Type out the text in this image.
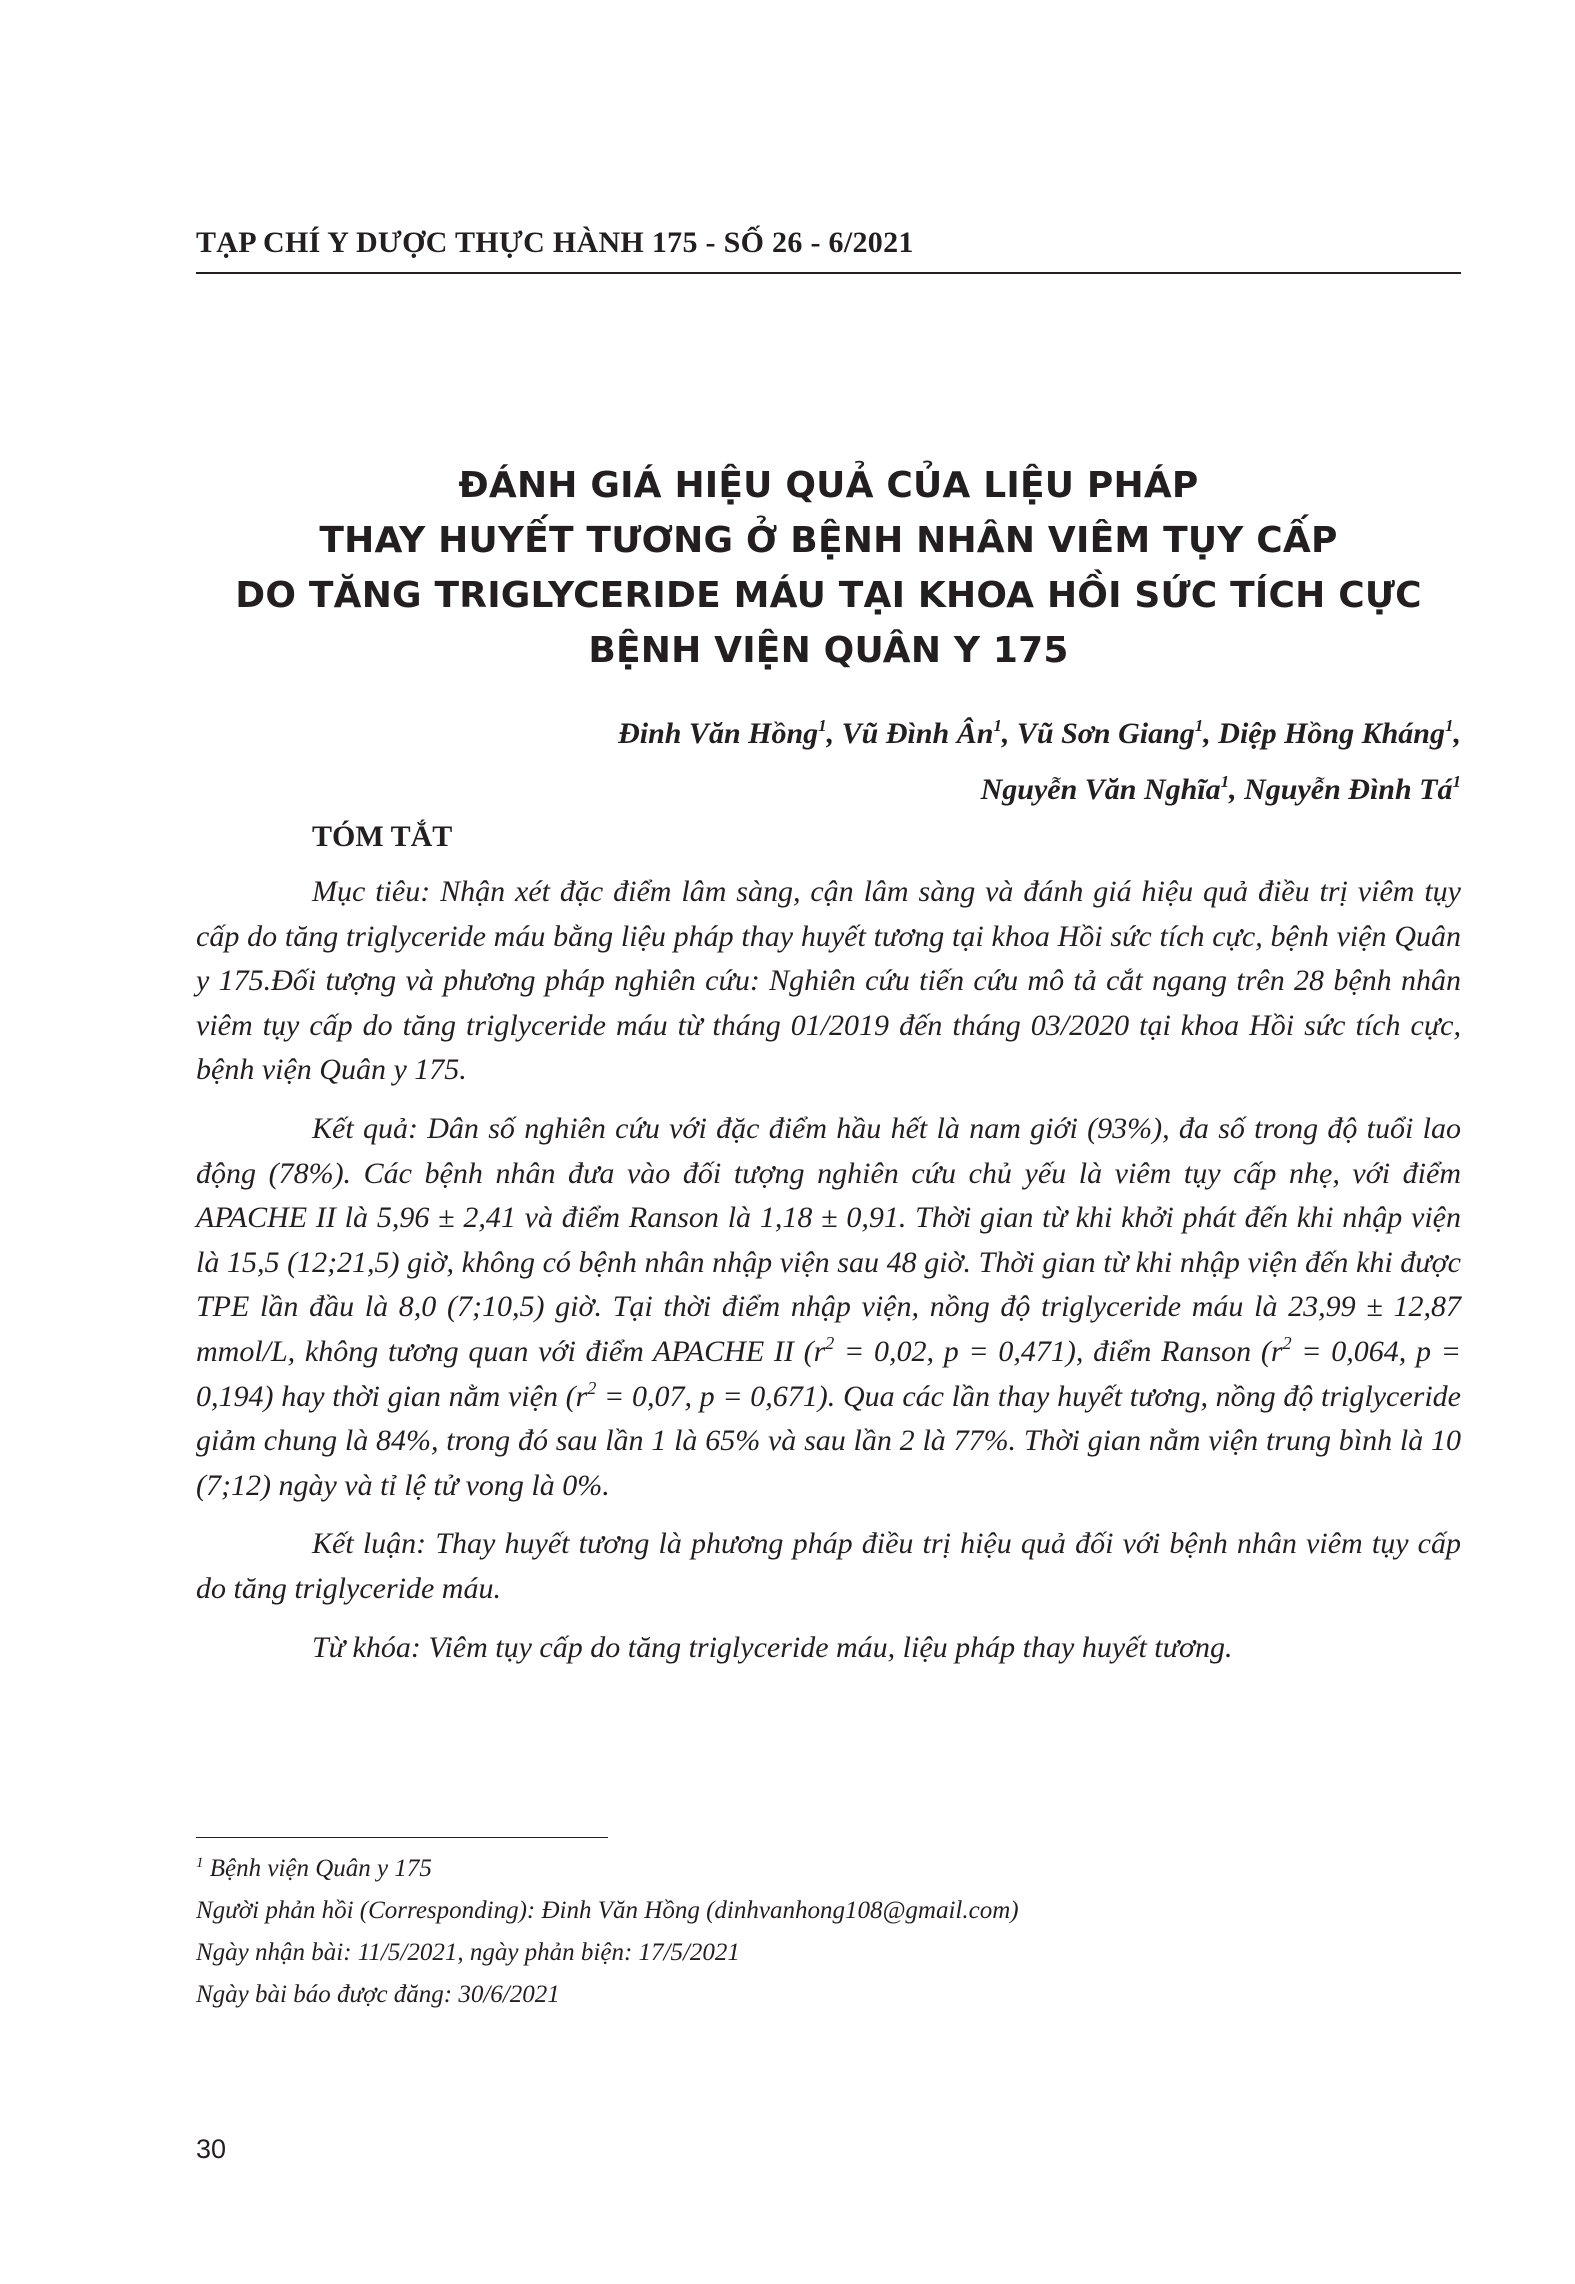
TẠP CHÍ Y DƯỢC THỰC HÀNH 175 - SỐ 26 - 6/2021
ĐÁNH GIÁ HIỆU QUẢ CỦA LIỆU PHÁP
THAY HUYẾT TƯƠNG Ở BỆNH NHÂN VIÊM TỤY CẤP
DO TĂNG TRIGLYCERIDE MÁU TẠI KHOA HỒI SỨC TÍCH CỰC
BỆNH VIỆN QUÂN Y 175
Đinh Văn Hồng$^1$, Vũ Đình $Ân^1$, Vũ Sơn Giang$^1$, Diệp Hồng Kháng$^1$,
Nguyễn Văn Nghĩa$^1$, Nguyễn Đình $Tá^1$
TÓM TẮT

Mục tiêu: Nhận xét đặc điểm lâm sàng, cận lâm sàng và đánh giá hiệu quả điều trị viêm tụy cấp do tăng triglyceride máu bằng liệu pháp thay huyết tương tại khoa Hồi sức tích cực, bệnh viện Quân y 175.Đối tượng và phương pháp nghiên cứu: Nghiên cứu tiến cứu mô tả cắt ngang trên 28 bệnh nhân viêm tụy cấp do tăng triglyceride máu từ tháng 01/2019 đến tháng 03/2020 tại khoa Hồi sức tích cực, bệnh viện Quân y 175.

Kết quả: Dân số nghiên cứu với đặc điểm hầu hết là nam giới (93%), đa số trong độ tuổi lao động (78%). Các bệnh nhân đưa vào đối tượng nghiên cứu chủ yếu là viêm tụy cấp nhẹ, với điểm APACHE II là 5,96 ± 2,41 và điểm Ranson là 1,18 ± 0,91. Thời gian từ khi khởi phát đến khi nhập viện là 15,5 (12;21,5) giờ, không có bệnh nhân nhập viện sau 48 giờ. Thời gian từ khi nhập viện đến khi được TPE lần đầu là 8,0 (7;10,5) giờ. Tại thời điểm nhập viện, nồng độ triglyceride máu là 23,99 ± 12,87 mmol/L, không tương quan với điểm APACHE II ($r^2 = 0,02$, p = 0,471), điểm Ranson ($r^2 = 0,064$, p = 0,194) hay thời gian nằm viện ($r^2 = 0,07$, p = 0,671). Qua các lần thay huyết tương, nồng độ triglyceride giảm chung là 84%, trong đó sau lần 1 là 65% và sau lần 2 là 77%. Thời gian nằm viện trung bình là 10 (7;12) ngày và tỉ lệ tử vong là 0%.

Kết luận: Thay huyết tương là phương pháp điều trị hiệu quả đối với bệnh nhân viêm tụy cấp do tăng triglyceride máu.

Từ khóa: Viêm tụy cấp do tăng triglyceride máu, liệu pháp thay huyết tương.

$^1$ Bệnh viện Quân y 175
Người phản hồi (Corresponding): Đinh Văn Hồng (dinhvanhong108@gmail.com)
Ngày nhận bài: 11/5/2021, ngày phản biện: 17/5/2021
Ngày bài báo được đăng: 30/6/2021
30
